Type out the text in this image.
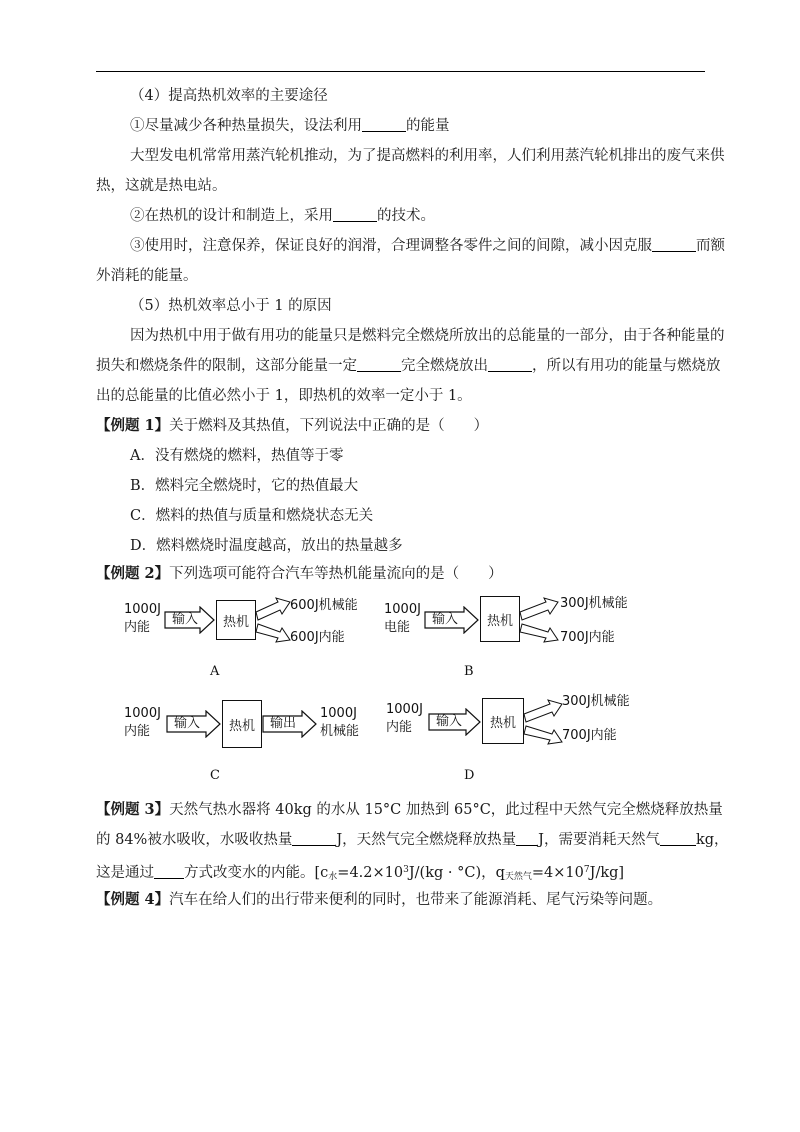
（4）提高热机效率的主要途径
①尽量减少各种热量损失，设法利用	的能量
大型发电机常常用蒸汽轮机推动，为了提高燃料的利用率，人们利用蒸汽轮机排出的废气来供
热，这就是热电站。
②在热机的设计和制造上，采用	的技术。
③使用时，注意保养，保证良好的润滑，合理调整各零件之间的间隙，减小因克服	而额
外消耗的能量。
（5）热机效率总小于 1 的原因
因为热机中用于做有用功的能量只是燃料完全燃烧所放出的总能量的一部分，由于各种能量的
损失和燃烧条件的限制，这部分能量一定	完全燃烧放出	，所以有用功的能量与燃烧放
出的总能量的比值必然小于 1，即热机的效率一定小于 1。
【例题 1】关于燃料及其热值，下列说法中正确的是（　　）
A．没有燃烧的燃料，热值等于零
B．燃料完全燃烧时，它的热值最大
C．燃料的热值与质量和燃烧状态无关
D．燃料燃烧时温度越高，放出的热量越多
【例题 2】下列选项可能符合汽车等热机能量流向的是（　　）
1000J
内能
输入	热机
600J机械能
600J内能
A
1000J
电能
输入	热机
300J机械能
700J内能
B
1000J
内能
输入	热机	输出
1000J
机械能
C
1000J
内能 输入	热机
300J机械能
700J内能
D
【例题 3】天然气热水器将 40kg 的水从 15°C 加热到 65°C，此过程中天然气完全燃烧释放热量
的 84%被水吸收，水吸收热量	J，天然气完全燃烧释放热量 J，需要消耗天然气 kg，
这是通过 方式改变水的内能。[$c_水=4.2\times 10^3J/(kg \cdot ^\circ C)$，$q_{天然气}=4\times 10^7J/kg$]
【例题 4】汽车在给人们的出行带来便利的同时，也带来了能源消耗、尾气污染等问题。
